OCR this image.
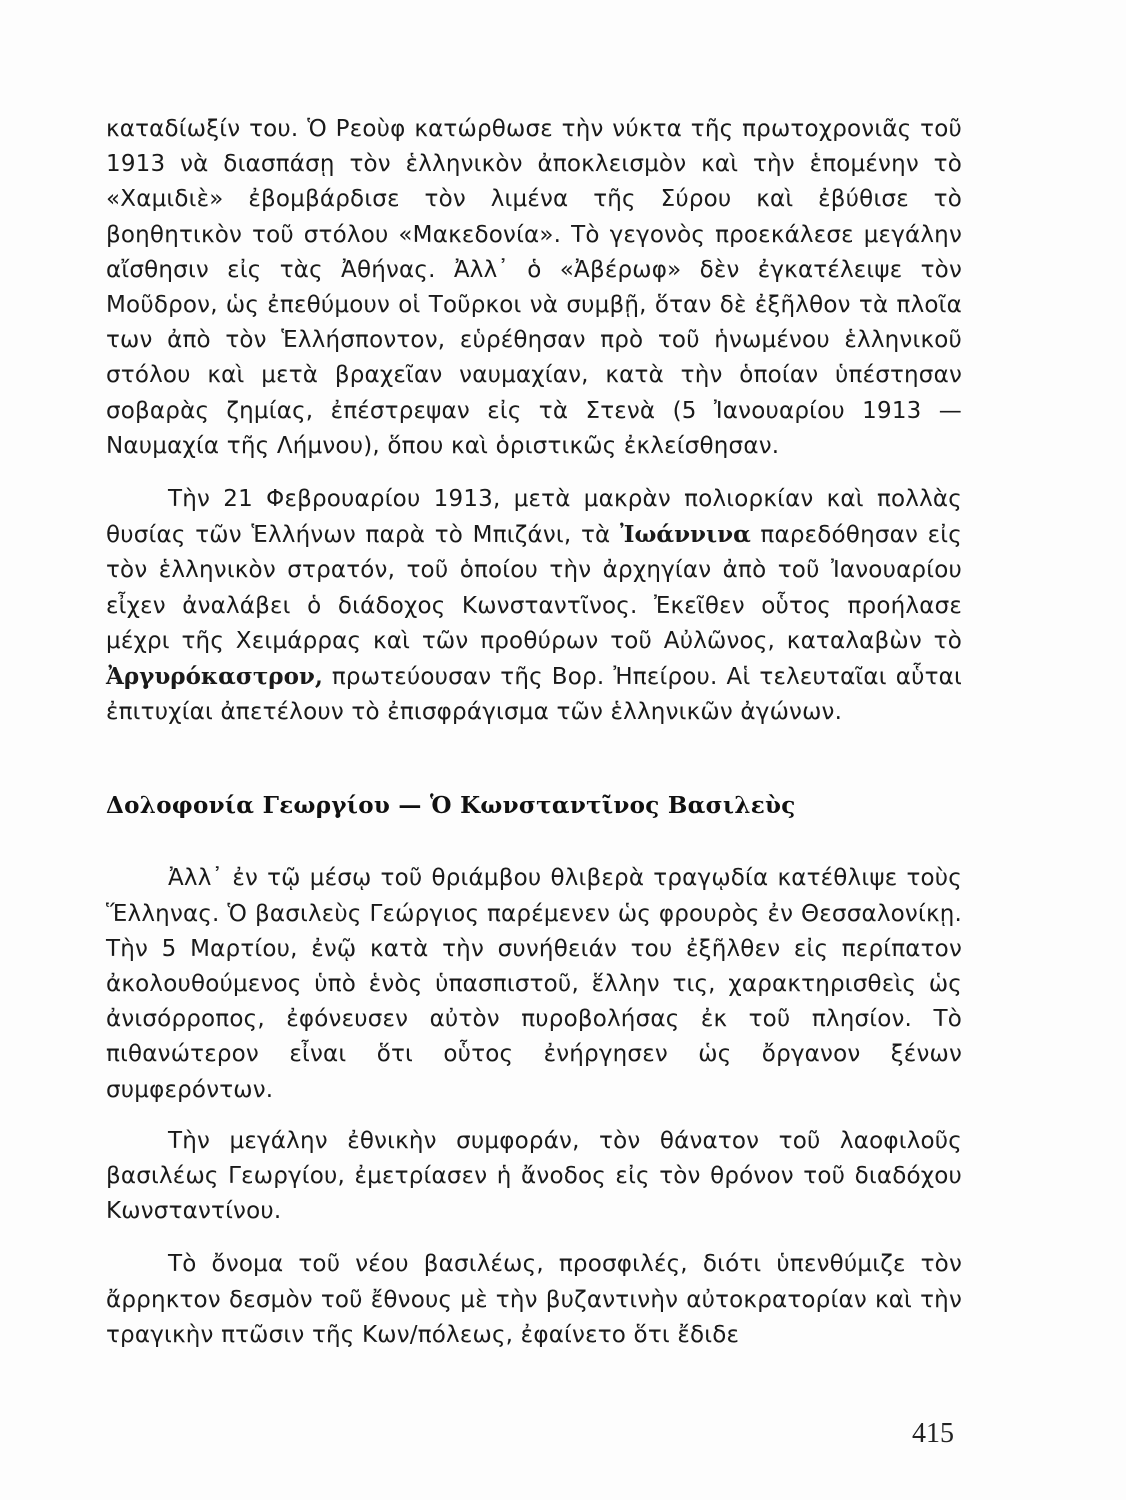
καταδίωξίν του. Ὁ Ρεοὺφ κατώρθωσε τὴν νύκτα τῆς πρωτοχρονιᾶς τοῦ 1913 νὰ διασπάσῃ τὸν ἑλληνικὸν ἀποκλεισμὸν καὶ τὴν ἑπομένην τὸ «Χαμιδιὲ» ἐβομβάρδισε τὸν λιμένα τῆς Σύρου καὶ ἐβύθισε τὸ βοηθητικὸν τοῦ στόλου «Μακεδονία». Τὸ γεγονὸς προεκάλεσε μεγάλην αἴσθησιν εἰς τὰς Ἀθήνας. Ἀλλ᾿ ὁ «Ἀβέρωφ» δὲν ἐγκατέλειψε τὸν Μοῦδρον, ὡς ἐπεθύμουν οἱ Τοῦρκοι νὰ συμβῇ, ὅταν δὲ ἐξῆλθον τὰ πλοῖα των ἀπὸ τὸν Ἑλλήσποντον, εὑρέθησαν πρὸ τοῦ ἡνωμένου ἑλληνικοῦ στόλου καὶ μετὰ βραχεῖαν ναυμαχίαν, κατὰ τὴν ὁποίαν ὑπέστησαν σοβαρὰς ζημίας, ἐπέστρεψαν εἰς τὰ Στενὰ (5 Ἰανουαρίου 1913 — Ναυμαχία τῆς Λήμνου), ὅπου καὶ ὁριστικῶς ἐκλείσθησαν.

Τὴν 21 Φεβρουαρίου 1913, μετὰ μακρὰν πολιορκίαν καὶ πολλὰς θυσίας τῶν Ἑλλήνων παρὰ τὸ Μπιζάνι, τὰ Ἰωάννινα παρεδόθησαν εἰς τὸν ἑλληνικὸν στρατόν, τοῦ ὁποίου τὴν ἀρχηγίαν ἀπὸ τοῦ Ἰανουαρίου εἶχεν ἀναλάβει ὁ διάδοχος Κωνσταντῖνος. Ἐκεῖθεν οὗτος προήλασε μέχρι τῆς Χειμάρρας καὶ τῶν προθύρων τοῦ Αὐλῶνος, καταλαβὼν τὸ Ἀργυρόκαστρον, πρωτεύουσαν τῆς Βορ. Ἠπείρου. Αἱ τελευταῖαι αὗται ἐπιτυχίαι ἀπετέλουν τὸ ἐπισφράγισμα τῶν ἑλληνικῶν ἀγώνων.

Δολοφονία Γεωργίου — Ὁ Κωνσταντῖνος Βασιλεὺς

Ἀλλ᾿ ἐν τῷ μέσῳ τοῦ θριάμβου θλιβερὰ τραγῳδία κατέθλιψε τοὺς Ἕλληνας. Ὁ βασιλεὺς Γεώργιος παρέμενεν ὡς φρουρὸς ἐν Θεσσαλονίκῃ. Τὴν 5 Μαρτίου, ἐνῷ κατὰ τὴν συνήθειάν του ἐξῆλθεν εἰς περίπατον ἀκολουθούμενος ὑπὸ ἑνὸς ὑπασπιστοῦ, ἕλλην τις, χαρακτηρισθεὶς ὡς ἀνισόρροπος, ἐφόνευσεν αὐτὸν πυροβολήσας ἐκ τοῦ πλησίον. Τὸ πιθανώτερον εἶναι ὅτι οὗτος ἐνήργησεν ὡς ὄργανον ξένων συμφερόντων.

Τὴν μεγάλην ἐθνικὴν συμφοράν, τὸν θάνατον τοῦ λαοφιλοῦς βασιλέως Γεωργίου, ἐμετρίασεν ἡ ἄνοδος εἰς τὸν θρόνον τοῦ διαδόχου Κωνσταντίνου.

Τὸ ὄνομα τοῦ νέου βασιλέως, προσφιλές, διότι ὑπενθύμιζε τὸν ἄρρηκτον δεσμὸν τοῦ ἔθνους μὲ τὴν βυζαντινὴν αὐτοκρατορίαν καὶ τὴν τραγικὴν πτῶσιν τῆς Κων/πόλεως, ἐφαίνετο ὅτι ἔδιδε

415
